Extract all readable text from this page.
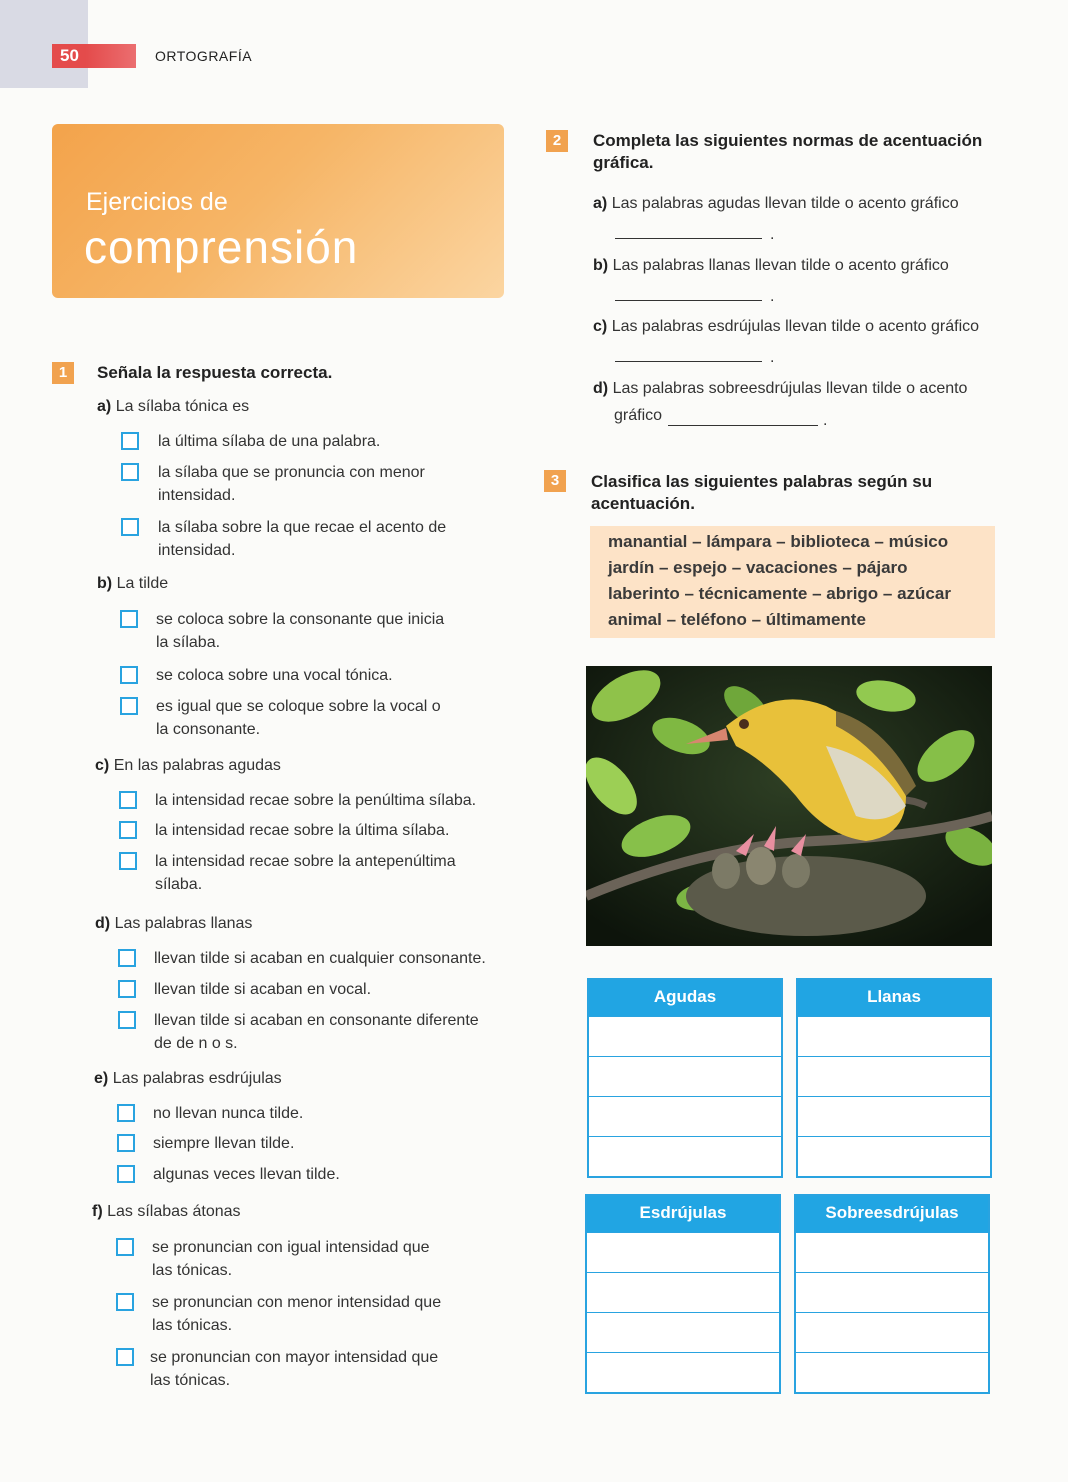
50	ORTOGRAFÍA
Ejercicios de
comprensión
1	Señala la respuesta correcta.
a) La sílaba tónica es
la última sílaba de una palabra.
la sílaba que se pronuncia con menor intensidad.
la sílaba sobre la que recae el acento de intensidad.
b) La tilde
se coloca sobre la consonante que inicia la sílaba.
se coloca sobre una vocal tónica.
es igual que se coloque sobre la vocal o la consonante.
c) En las palabras agudas
la intensidad recae sobre la penúltima sílaba.
la intensidad recae sobre la última sílaba.
la intensidad recae sobre la antepenúltima sílaba.
d) Las palabras llanas
llevan tilde si acaban en cualquier consonante.
llevan tilde si acaban en vocal.
llevan tilde si acaban en consonante diferente de de n o s.
e) Las palabras esdrújulas
no llevan nunca tilde.
siempre llevan tilde.
algunas veces llevan tilde.
f) Las sílabas átonas
se pronuncian con igual intensidad que las tónicas.
se pronuncian con menor intensidad que las tónicas.
se pronuncian con mayor intensidad que las tónicas.
2	Completa las siguientes normas de acentuación gráfica.
a) Las palabras agudas llevan tilde o acento gráfico
.
b) Las palabras llanas llevan tilde o acento gráfico
.
c) Las palabras esdrújulas llevan tilde o acento gráfico
.
d) Las palabras sobreesdrújulas llevan tilde o acento
gráfico	.
3	Clasifica las siguientes palabras según su acentuación.
manantial – lámpara – biblioteca – músico
jardín – espejo – vacaciones – pájaro
laberinto – técnicamente – abrigo – azúcar
animal – teléfono – últimamente
Agudas	Llanas
Esdrújulas	Sobreesdrújulas
